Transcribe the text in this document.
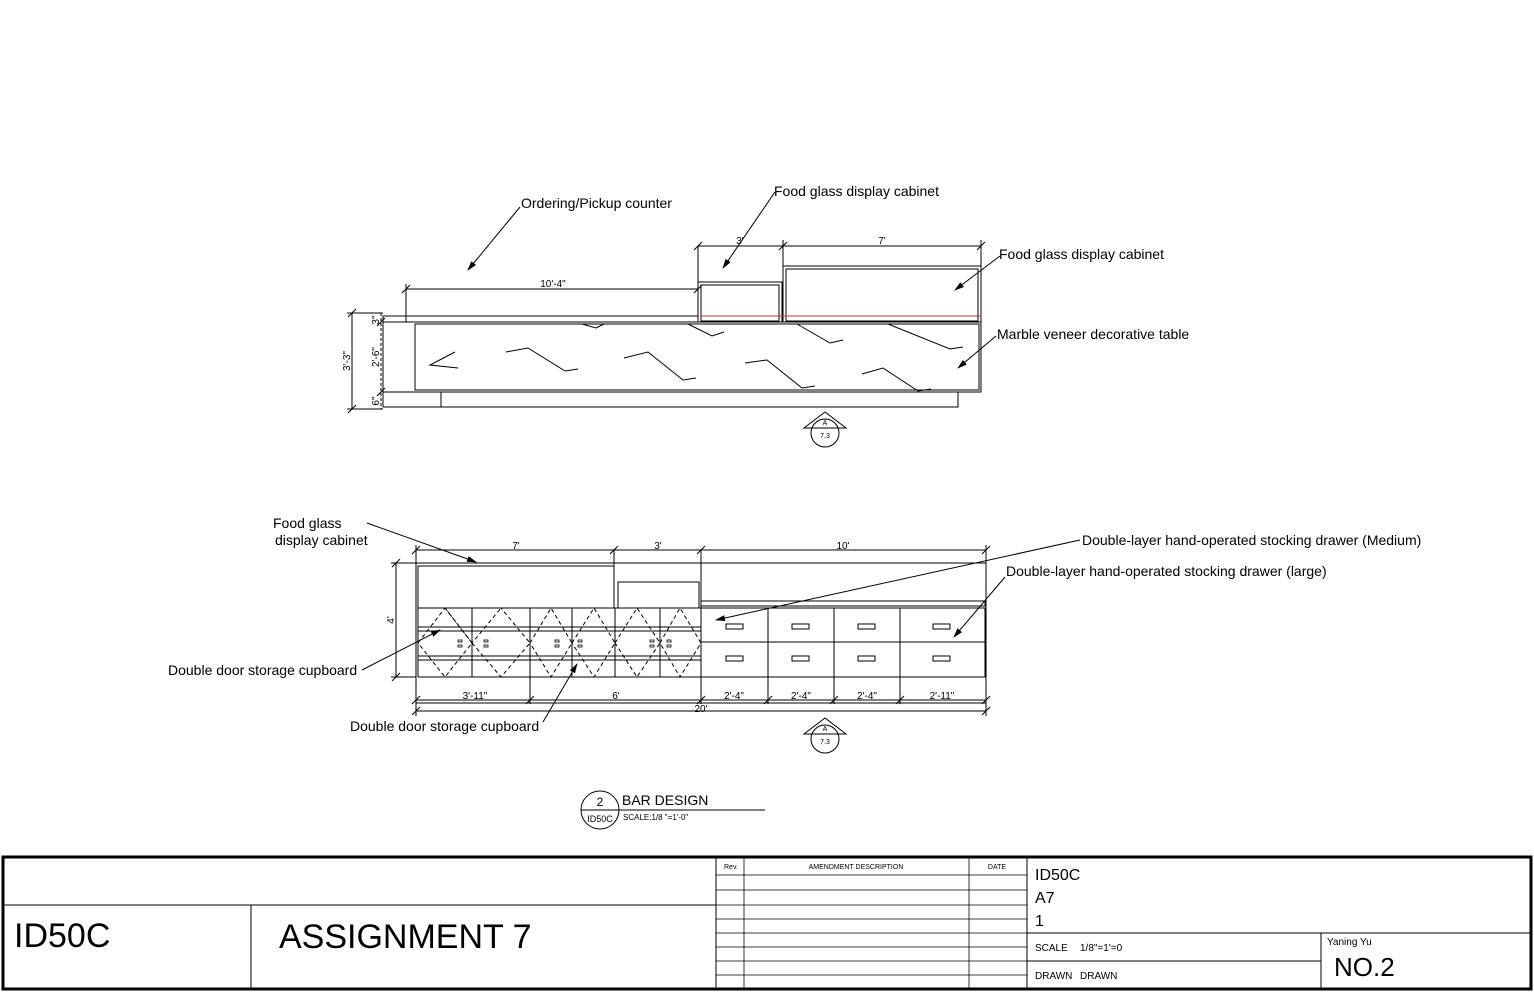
Ordering/Pickup counter
Food glass display cabinet
Food glass display cabinet
Marble veneer decorative table
10'-4"
3'	7'
3'-3"
3"
2'-6"
6"
A
7.3
Food glass
display cabinet	Double-layer hand-operated stocking drawer (Medium)
Double-layer hand-operated stocking drawer (large)
Double door storage cupboard
Double door storage cupboard
7'	3'	10'
4'
3'-11"	6'	2'-4"	2'-4"	2'-4"	2'-11"
20'
A
7.3
2
ID50C
BAR DESIGN
SCALE:1/8 "=1'-0"
ID50C	ASSIGNMENT 7
Rev.	AMENDMENT DESCRIPTION	DATE ID50C
A7
1
SCALE 1/8"=1'=0
DRAWN DRAWN
Yaning Yu
NO.2
